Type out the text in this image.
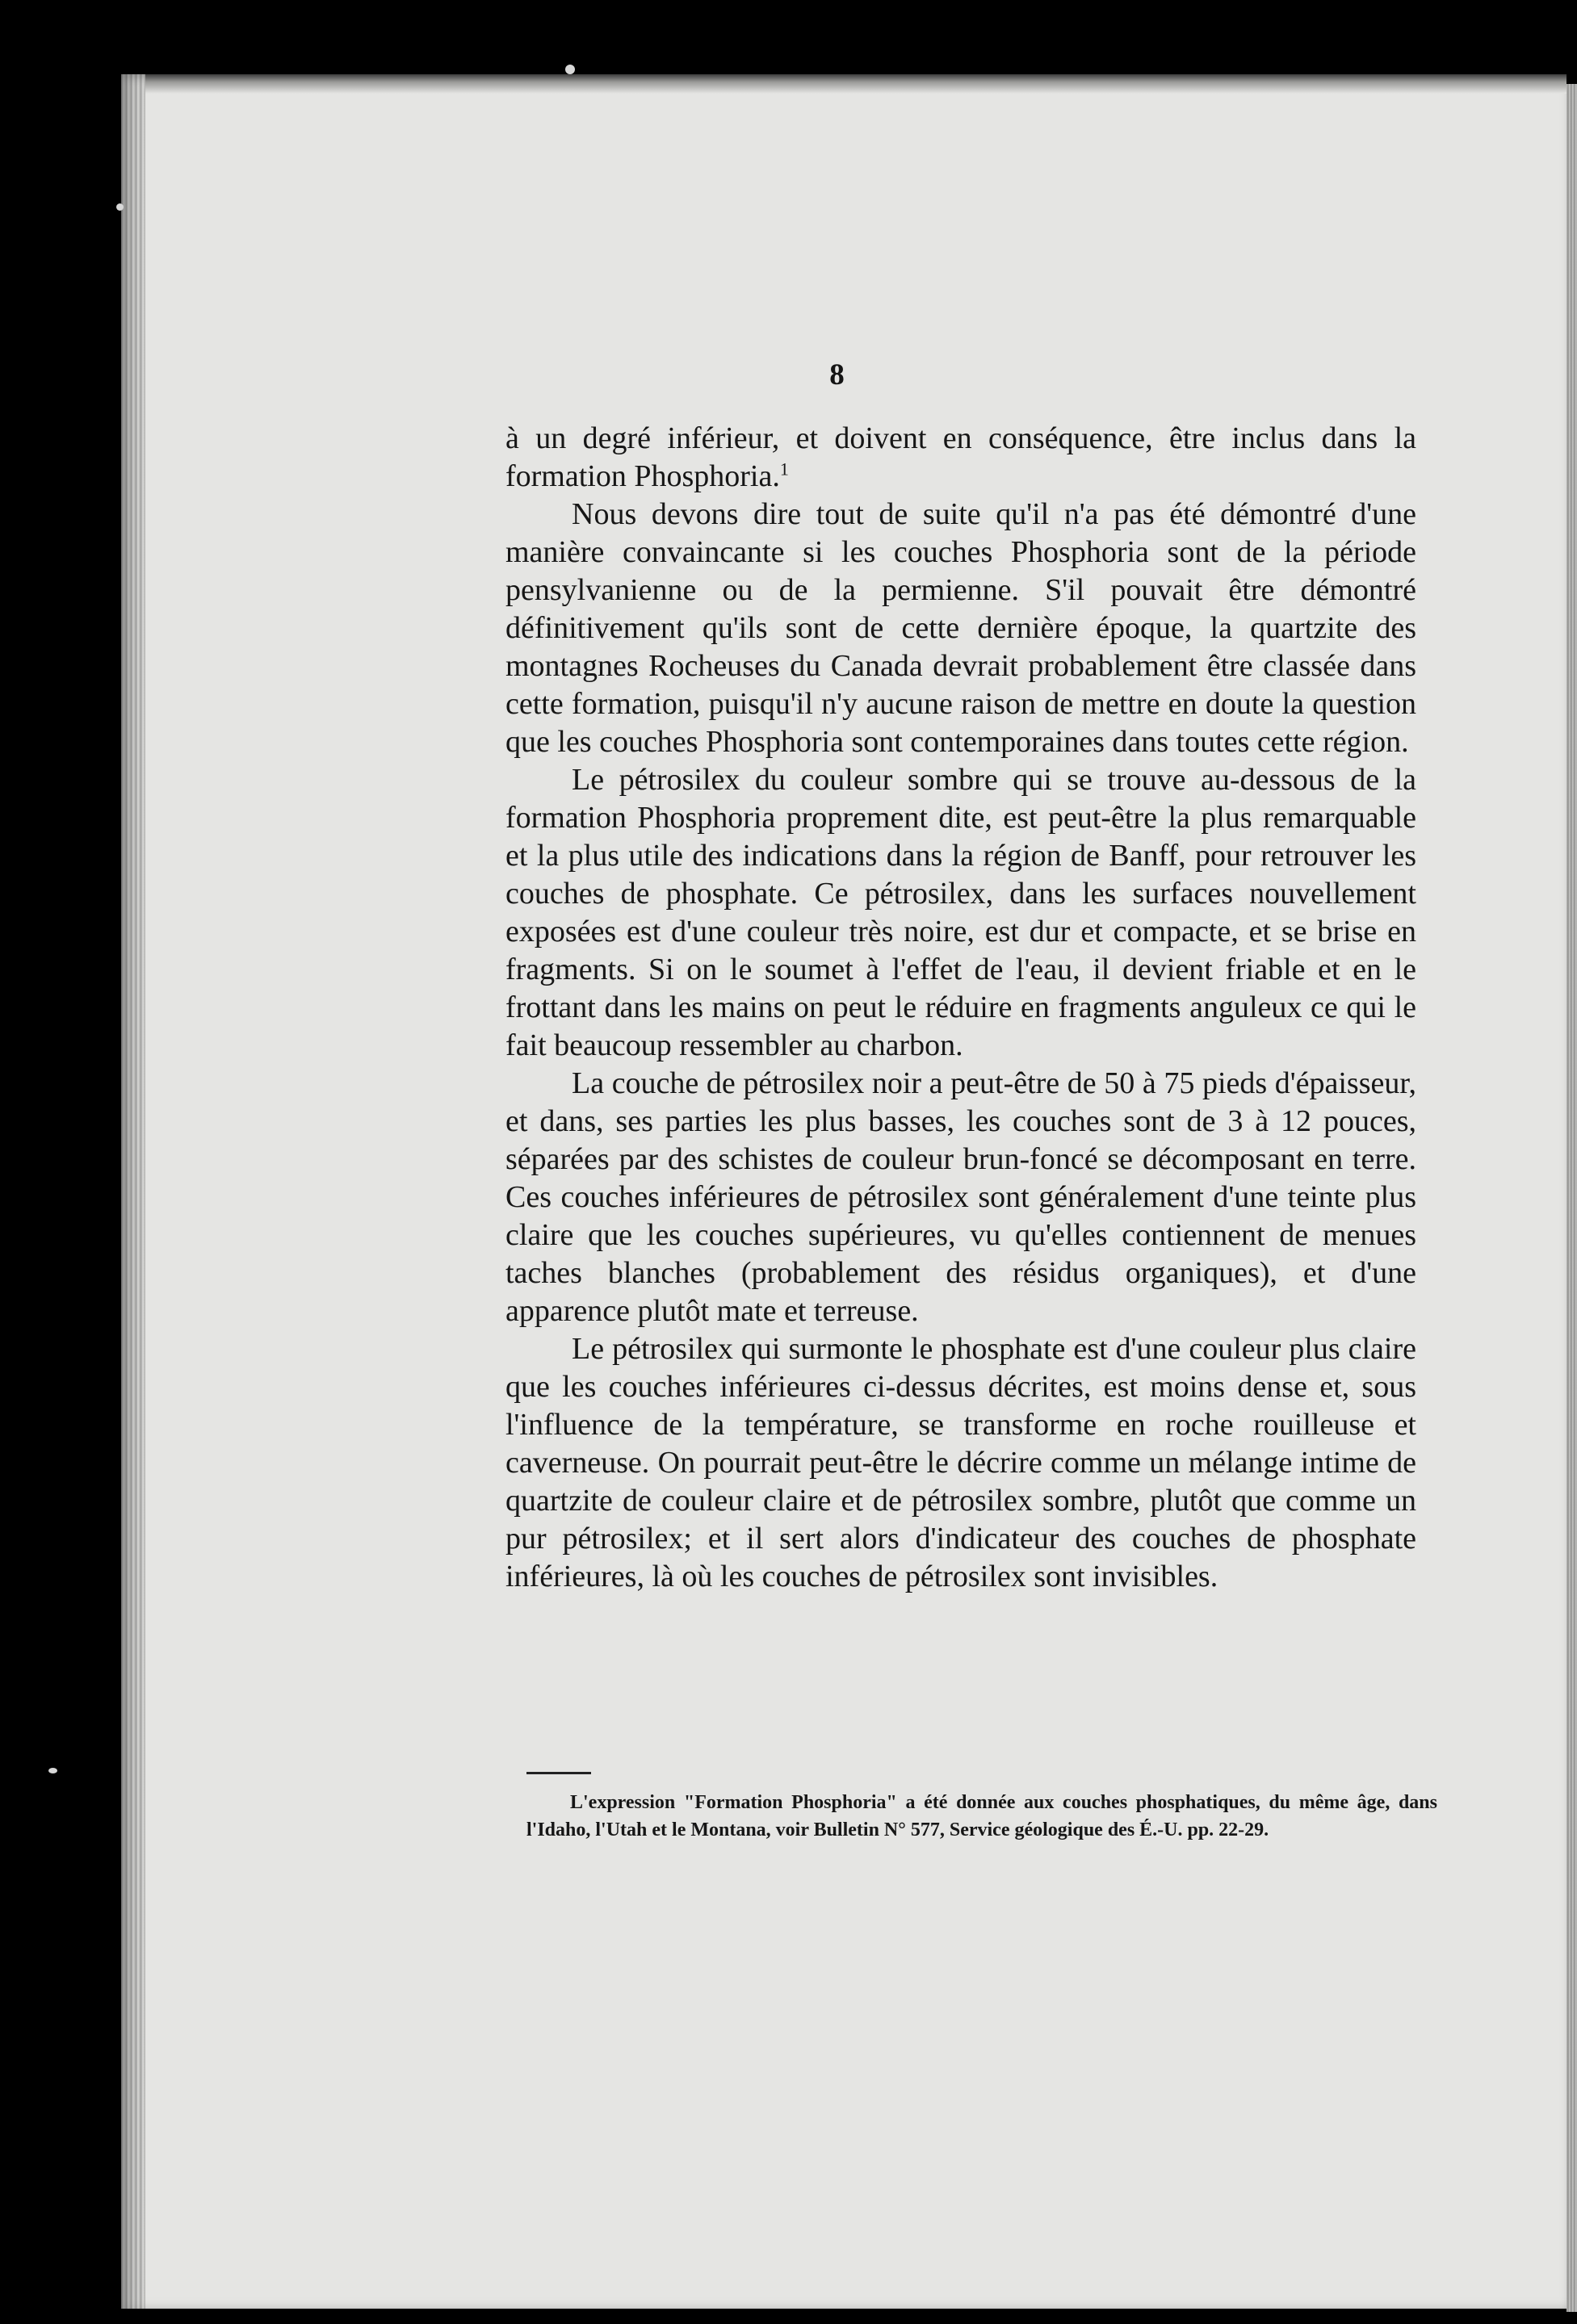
8

à un degré inférieur, et doivent en conséquence, être inclus dans la formation Phosphoria.$^1$

Nous devons dire tout de suite qu'il n'a pas été démontré d'une manière convaincante si les couches Phosphoria sont de la période pensylvanienne ou de la permienne. S'il pouvait être démontré définitivement qu'ils sont de cette dernière époque, la quartzite des montagnes Rocheuses du Canada devrait probablement être classée dans cette formation, puisqu'il n'y aucune raison de mettre en doute la question que les couches Phosphoria sont contemporaines dans toutes cette région.

Le pétrosilex du couleur sombre qui se trouve au-dessous de la formation Phosphoria proprement dite, est peut-être la plus remarquable et la plus utile des indications dans la région de Banff, pour retrouver les couches de phosphate. Ce pétrosilex, dans les surfaces nouvellement exposées est d'une couleur très noire, est dur et compacte, et se brise en fragments. Si on le soumet à l'effet de l'eau, il devient friable et en le frottant dans les mains on peut le réduire en fragments anguleux ce qui le fait beaucoup ressembler au charbon.

La couche de pétrosilex noir a peut-être de 50 à 75 pieds d'épaisseur, et dans, ses parties les plus basses, les couches sont de 3 à 12 pouces, séparées par des schistes de couleur brun-foncé se décomposant en terre. Ces couches inférieures de pétrosilex sont généralement d'une teinte plus claire que les couches supérieures, vu qu'elles contiennent de menues taches blanches (probablement des résidus organiques), et d'une apparence plutôt mate et terreuse.

Le pétrosilex qui surmonte le phosphate est d'une couleur plus claire que les couches inférieures ci-dessus décrites, est moins dense et, sous l'influence de la température, se transforme en roche rouilleuse et caverneuse. On pourrait peut-être le décrire comme un mélange intime de quartzite de couleur claire et de pétrosilex sombre, plutôt que comme un pur pétrosilex; et il sert alors d'indicateur des couches de phosphate inférieures, là où les couches de pétrosilex sont invisibles.

L'expression "Formation Phosphoria" a été donnée aux couches phosphatiques, du même âge, dans l'Idaho, l'Utah et le Montana, voir Bulletin N° 577, Service géologique des É.-U. pp. 22-29.
